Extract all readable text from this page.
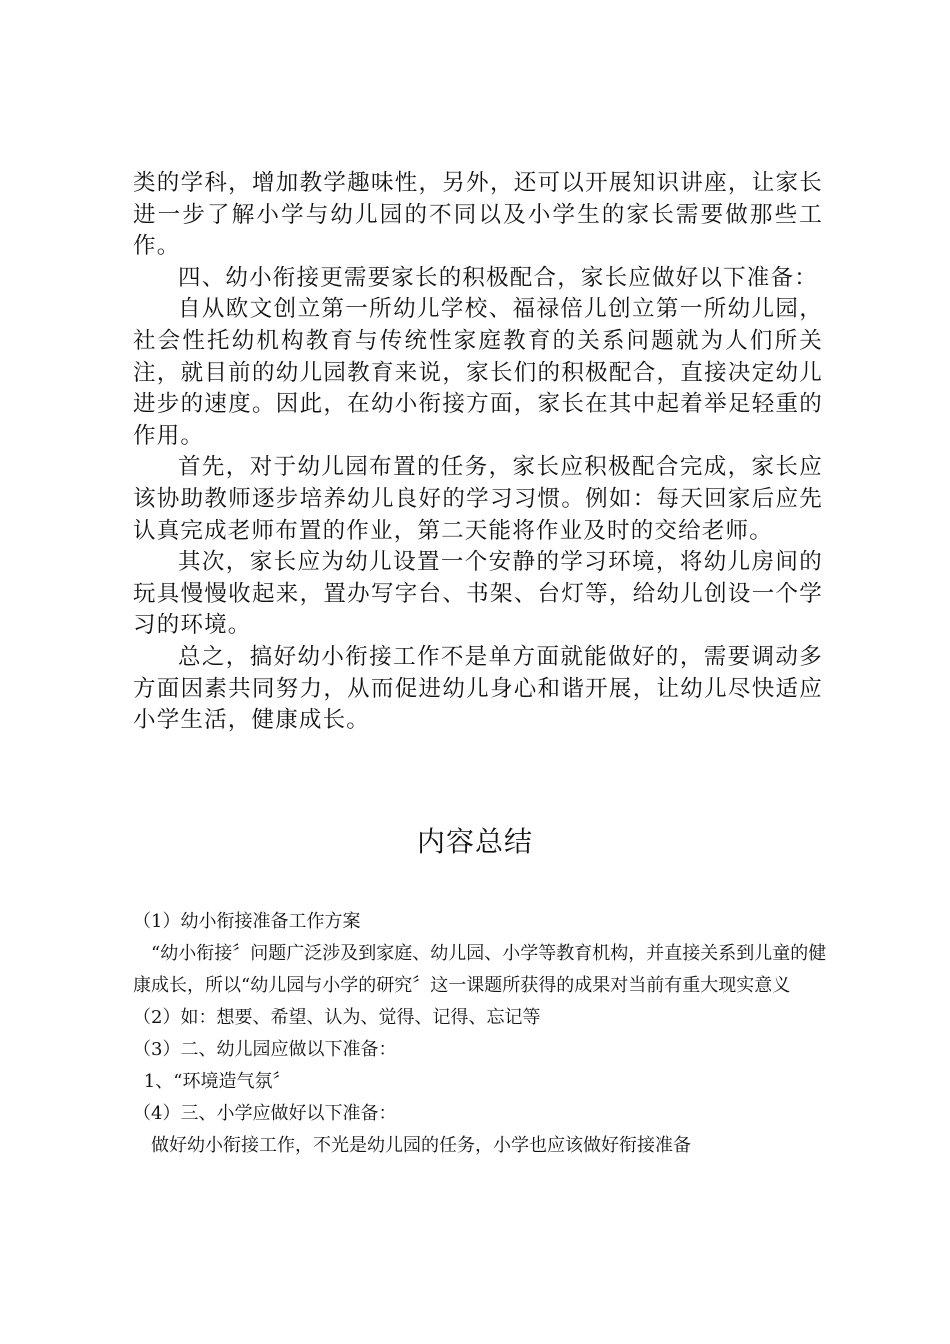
类的学科，增加教学趣味性，另外，还可以开展知识讲座，让家长进一步了解小学与幼儿园的不同以及小学生的家长需要做那些工作。

四、幼小衔接更需要家长的积极配合，家长应做好以下准备：

自从欧文创立第一所幼儿学校、福禄倍儿创立第一所幼儿园，社会性托幼机构教育与传统性家庭教育的关系问题就为人们所关注，就目前的幼儿园教育来说，家长们的积极配合，直接决定幼儿进步的速度。因此，在幼小衔接方面，家长在其中起着举足轻重的作用。

首先，对于幼儿园布置的任务，家长应积极配合完成，家长应该协助教师逐步培养幼儿良好的学习习惯。例如：每天回家后应先认真完成老师布置的作业，第二天能将作业及时的交给老师。

其次，家长应为幼儿设置一个安静的学习环境，将幼儿房间的玩具慢慢收起来，置办写字台、书架、台灯等，给幼儿创设一个学习的环境。

总之，搞好幼小衔接工作不是单方面就能做好的，需要调动多方面因素共同努力，从而促进幼儿身心和谐开展，让幼儿尽快适应小学生活，健康成长。

内容总结

（1）幼小衔接准备工作方案

“幼小衔接〞问题广泛涉及到家庭、幼儿园、小学等教育机构，并直接关系到儿童的健康成长，所以“幼儿园与小学的研究〞这一课题所获得的成果对当前有重大现实意义

（2）如：想要、希望、认为、觉得、记得、忘记等

（3）二、幼儿园应做以下准备：

1、“环境造气氛〞

（4）三、小学应做好以下准备：

做好幼小衔接工作，不光是幼儿园的任务，小学也应该做好衔接准备
